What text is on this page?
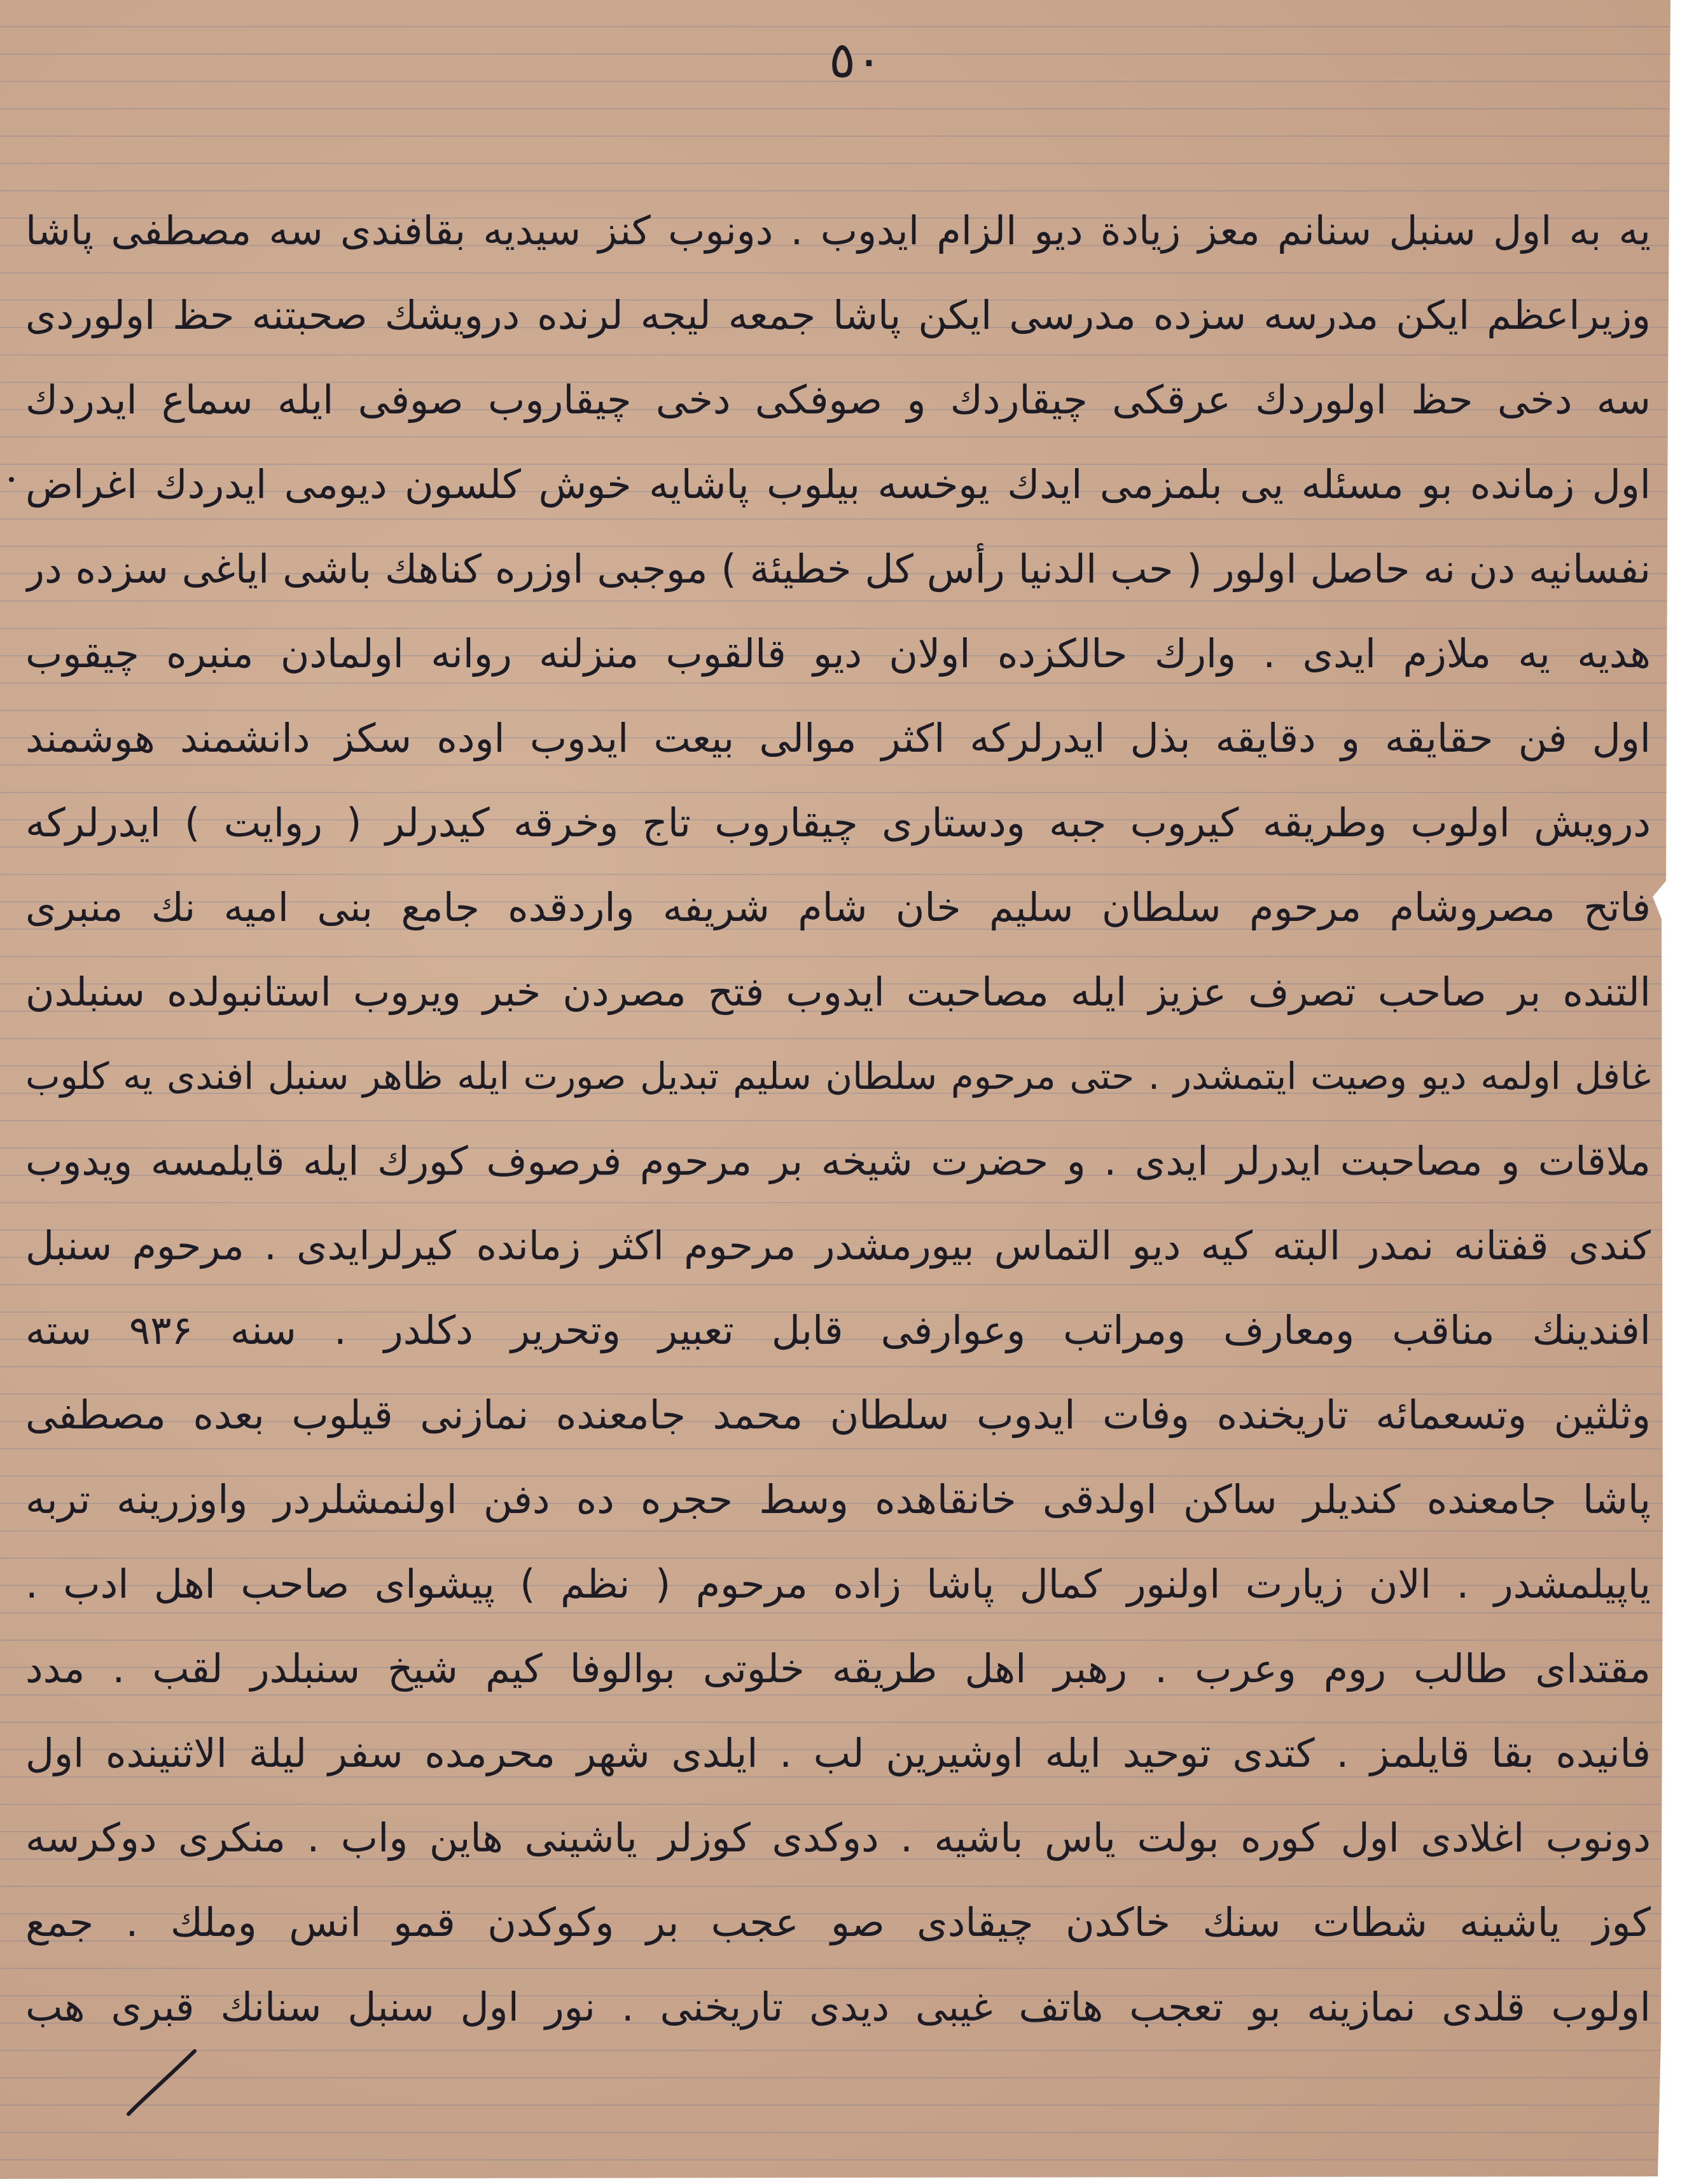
٥٠
یه به اول سنبل سنانم معز زیادة دیو الزام ایدوب . دونوب کنز سیدیه بقافندی سه مصطفی پاشا
وزیراعظم ایکن مدرسه سزده مدرسی ایکن پاشا جمعه لیجه لرنده درویشك صحبتنه حظ اولوردی
سه دخی حظ اولوردك عرقکی چیقاردك و صوفکی دخی چیقاروب صوفی ایله سماع ایدردك
اول زمانده بو مسئله یی بلمزمی ایدك یوخسه بیلوب پاشایه خوش کلسون دیومی ایدردك اغراض
نفسانیه دن نه حاصل اولور ( حب الدنیا رأس کل خطیئة ) موجبی اوزره کناهك باشی ایاغی سزده در
هدیه یه ملازم ایدی . وارك حالکزده اولان دیو قالقوب منزلنه روانه اولمادن منبره چیقوب
اول فن حقایقه و دقایقه بذل ایدرلرکه اکثر موالی بیعت ایدوب اوده سکز دانشمند هوشمند
درویش اولوب وطریقه کیروب جبه ودستاری چیقاروب تاج وخرقه کیدرلر ( روایت ) ایدرلرکه
فاتح مصروشام مرحوم سلطان سلیم خان شام شریفه واردقده جامع بنی امیه نك منبری
التنده بر صاحب تصرف عزیز ایله مصاحبت ایدوب فتح مصردن خبر ویروب استانبولده سنبلدن
غافل اولمه دیو وصیت ایتمشدر . حتی مرحوم سلطان سلیم تبدیل صورت ایله ظاهر سنبل افندی یه کلوب
ملاقات و مصاحبت ایدرلر ایدی . و حضرت شیخه بر مرحوم فرصوف کورك ایله قایلمسه ویدوب
کندی قفتانه نمدر البته کیه دیو التماس بیورمشدر مرحوم اکثر زمانده کیرلرایدی . مرحوم سنبل
افندینك مناقب ومعارف ومراتب وعوارفی قابل تعبیر وتحریر دکلدر . سنه ۹۳۶ سته
وثلثین وتسعمائه تاریخنده وفات ایدوب سلطان محمد جامعنده نمازنی قیلوب بعده مصطفی
پاشا جامعنده کندیلر ساکن اولدقی خانقاهده وسط حجره ده دفن اولنمشلردر واوزرینه تربه
یاپیلمشدر . الان زیارت اولنور کمال پاشا زاده مرحوم ( نظم ) پیشوای صاحب اهل ادب .
مقتدای طالب روم وعرب . رهبر اهل طریقه خلوتی بوالوفا کیم شیخ سنبلدر لقب . مدد
فانیده بقا قایلمز . کتدی توحید ایله اوشیرین لب . ایلدی شهر محرمده سفر لیلة الاثنینده اول
دونوب اغلادی اول کوره بولت یاس باشیه . دوکدی کوزلر یاشینی هاین واب . منکری دوکرسه
کوز یاشینه شطات سنك خاکدن چیقادی صو عجب بر وکوکدن قمو انس وملك . جمع
اولوب قلدی نمازینه بو تعجب هاتف غیبی دیدی تاریخنی . نور اول سنبل سنانك قبری هب
